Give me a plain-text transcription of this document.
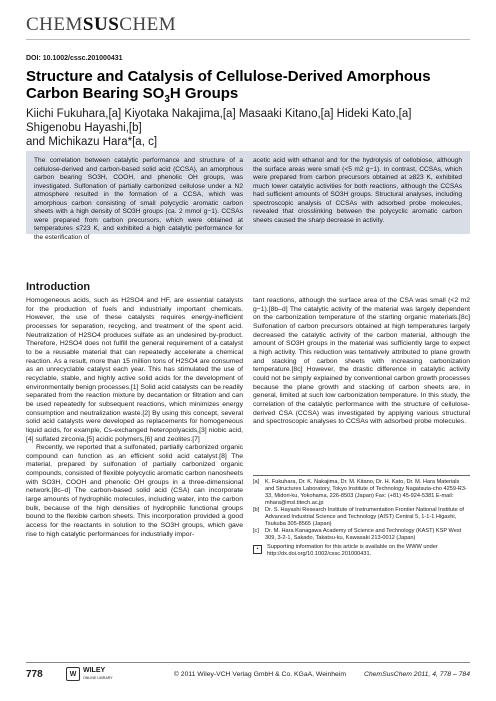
CHEMSUSCHEM
DOI: 10.1002/cssc.201000431
Structure and Catalysis of Cellulose-Derived Amorphous
Carbon Bearing $SO_3H$ Groups
Kiichi Fukuhara,[a] Kiyotaka Nakajima,[a] Masaaki Kitano,[a] Hideki Kato,[a] Shigenobu Hayashi,[b]
and Michikazu Hara*[a, c]
The correlation between catalytic performance and structure of a cellulose-derived and carbon-based solid acid (CCSA), an amorphous carbon bearing SO3H, COOH, and phenolic OH groups, was investigated. Sulfonation of partially carbonized cellulose under a N2 atmosphere resulted in the formation of a CCSA, which was amorphous carbon consisting of small polycyclic aromatic carbon sheets with a high density of SO3H groups (ca. 2 mmol g−1). CCSAs were prepared from carbon precursors, which were obtained at temperatures ≤723 K, and exhibited a high catalytic performance for the esterification of
acetic acid with ethanol and for the hydrolysis of cellobiose, although the surface areas were small (<5 m2 g−1). In contrast, CCSAs, which were prepared from carbon precursors obtained at ≥823 K, exhibited much lower catalytic activities for both reactions, although the CCSAs had sufficient amounts of SO3H groups. Structural analyses, including spectroscopic analysis of CCSAs with adsorbed probe molecules, revealed that crosslinking between the polycyclic aromatic carbon sheets caused the sharp decrease in activity.
Introduction

Homogeneous acids, such as H2SO4 and HF, are essential catalysts for the production of fuels and industrially important chemicals. However, the use of these catalysts requires energy-inefficient processes for separation, recycling, and treatment of the spent acid. Neutralization of H2SO4 produces sulfate as an undesired by-product. Therefore, H2SO4 does not fulfill the general requirement of a catalyst to be a reusable material that can repeatedly accelerate a chemical reaction. As a result, more than 15 million tons of H2SO4 are consumed as an unrecyclable catalyst each year. This has stimulated the use of recyclable, stable, and highly active solid acids for the development of environmentally benign processes.[1] Solid acid catalysts can be readily separated from the reaction mixture by decantation or filtration and can be used repeatedly for subsequent reactions, which minimizes energy consumption and neutralization waste.[2] By using this concept, several solid acid catalysts were developed as replacements for homogeneous liquid acids, for example, Cs-exchanged heteropolyacids,[3] niobic acid,[4] sulfated zirconia,[5] acidic polymers,[6] and zeolites.[7]

Recently, we reported that a sulfonated, partially carbonized organic compound can function as an efficient solid acid catalyst.[8] The material, prepared by sulfonation of partially carbonized organic compounds, consisted of flexible polycyclic aromatic carbon nanosheets with SO3H, COOH and phenolic OH groups in a three-dimensional network.[8c–d] The carbon-based solid acid (CSA) can incorporate large amounts of hydrophilic molecules, including water, into the carbon bulk, because of the high densities of hydrophilic functional groups bound to the flexible carbon sheets. This incorporation provided a good access for the reactants in solution to the SO3H groups, which gave rise to high catalytic performances for industrially impor-

tant reactions, although the surface area of the CSA was small (<2 m2 g−1).[8b–d] The catalytic activity of the material was largely dependent on the carbonization temperature of the starting organic materials.[8c] Sulfonation of carbon precursors obtained at high temperatures largely decreased the catalytic activity of the carbon material, although the amount of SO3H groups in the material was sufficiently large to expect a high activity. This reduction was tentatively attributed to plane growth and stacking of carbon sheets with increasing carbonization temperature.[8c] However, the drastic difference in catalytic activity could not be simply explained by conventional carbon growth processes because the plane growth and stacking of carbon sheets are, in general, limited at such low carbonization temperature. In this study, the correlation of the catalytic performance with the structure of cellulose-derived CSA (CCSA) was investigated by applying various structural and spectroscopic analyses to CCSAs with adsorbed probe molecules.

[a]	K. Fukuhara, Dr. K. Nakajima, Dr. M. Kitano, Dr. H. Kato, Dr. M. Hara Materials and Structures Laboratory, Tokyo Institute of Technology Nagatsuta-cho 4259-R3-33, Midori-ku, Yokohama, 226-8503 (Japan) Fax: (+81) 45-924-5381 E-mail: mhara@msl.titech.ac.jp
[b]	Dr. S. Hayashi Research Institute of Instrumentation Frontier National Institute of Advanced Industrial Science and Technology (AIST) Central 5, 1-1-1 Higashi, Tsukuba 305-8565 (Japan)
[c]	Dr. M. Hara Kanagawa Academy of Science and Technology (KAST) KSP West 309, 3-2-1, Sakado, Takatsu-ku, Kawasaki 213-0012 (Japan)
▪	Supporting information for this article is available on the WWW under http://dx.doi.org/10.1002/cssc.201000431.
778	W
WILEY
ONLINE LIBRARY	© 2011 Wiley-VCH Verlag GmbH & Co. KGaA, Weinheim	ChemSusChem 2011, 4, 778 – 784
